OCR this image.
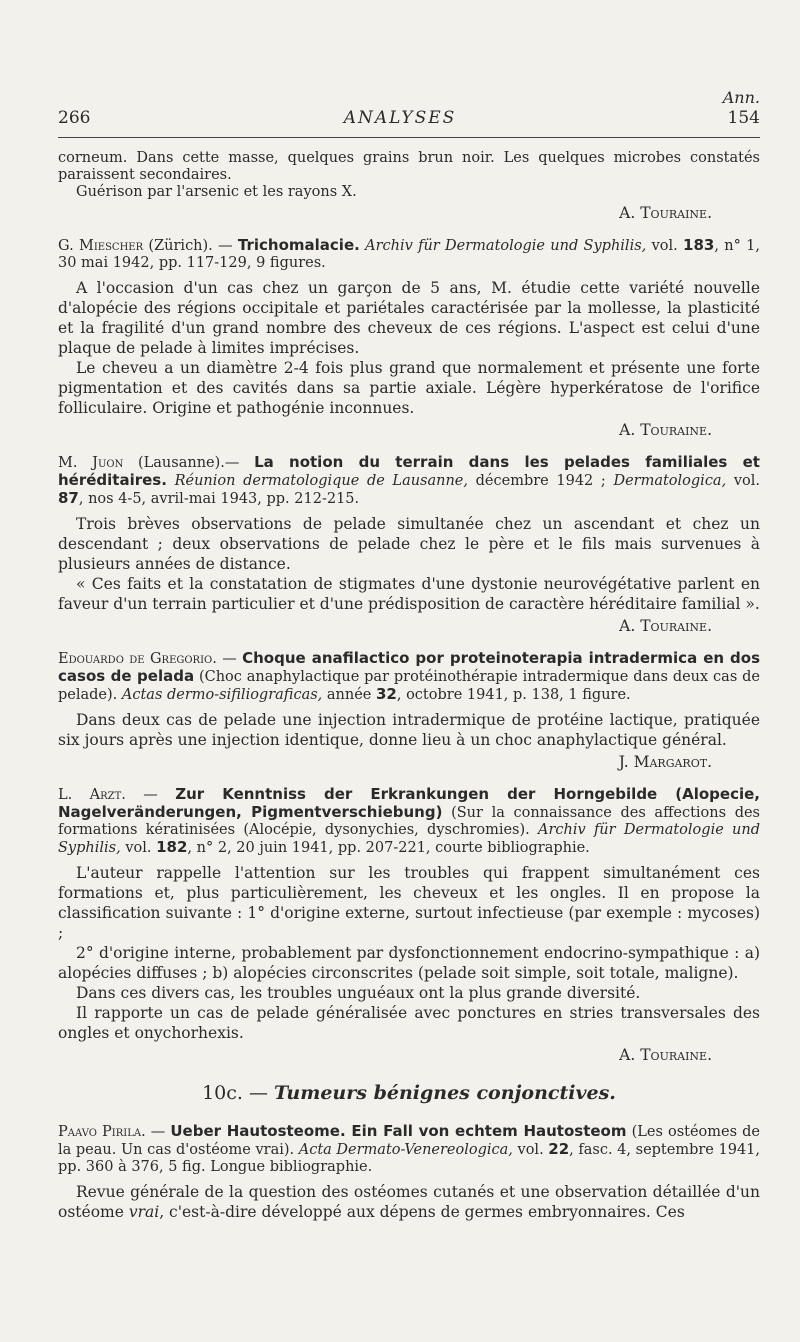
Ann.
266	ANALYSES	154

corneum. Dans cette masse, quelques grains brun noir. Les quelques microbes constatés paraissent secondaires.

Guérison par l'arsenic et les rayons X.

A. Touraine.

G. Miescher (Zürich). — Trichomalacie. Archiv für Dermatologie und Syphilis, vol. 183, n° 1, 30 mai 1942, pp. 117-129, 9 figures.

A l'occasion d'un cas chez un garçon de 5 ans, M. étudie cette variété nouvelle d'alopécie des régions occipitale et pariétales caractérisée par la mollesse, la plasticité et la fragilité d'un grand nombre des cheveux de ces régions. L'aspect est celui d'une plaque de pelade à limites imprécises.

Le cheveu a un diamètre 2-4 fois plus grand que normalement et présente une forte pigmentation et des cavités dans sa partie axiale. Légère hyperkératose de l'orifice folliculaire. Origine et pathogénie inconnues.

A. Touraine.

M. Juon (Lausanne).— La notion du terrain dans les pelades familiales et héréditaires. Réunion dermatologique de Lausanne, décembre 1942 ; Dermatologica, vol. 87, nos 4-5, avril-mai 1943, pp. 212-215.

Trois brèves observations de pelade simultanée chez un ascendant et chez un descendant ; deux observations de pelade chez le père et le fils mais survenues à plusieurs années de distance.

« Ces faits et la constatation de stigmates d'une dystonie neurovégétative parlent en faveur d'un terrain particulier et d'une prédisposition de caractère héréditaire familial ».

A. Touraine.

Edouardo de Gregorio. — Choque anafilactico por proteinoterapia intradermica en dos casos de pelada (Choc anaphylactique par protéinothérapie intradermique dans deux cas de pelade). Actas dermo-sifiliograficas, année 32, octobre 1941, p. 138, 1 figure.

Dans deux cas de pelade une injection intradermique de protéine lactique, pratiquée six jours après une injection identique, donne lieu à un choc anaphylactique général.

J. Margarot.

L. Arzt. — Zur Kenntniss der Erkrankungen der Horngebilde (Alopecie, Nagelveränderungen, Pigmentverschiebung) (Sur la connaissance des affections des formations kératinisées (Alocépie, dysonychies, dyschromies). Archiv für Dermatologie und Syphilis, vol. 182, n° 2, 20 juin 1941, pp. 207-221, courte bibliographie.

L'auteur rappelle l'attention sur les troubles qui frappent simultanément ces formations et, plus particulièrement, les cheveux et les ongles. Il en propose la classification suivante : 1° d'origine externe, surtout infectieuse (par exemple : mycoses) ;

2° d'origine interne, probablement par dysfonctionnement endocrino-sympathique : a) alopécies diffuses ; b) alopécies circonscrites (pelade soit simple, soit totale, maligne).

Dans ces divers cas, les troubles unguéaux ont la plus grande diversité.

Il rapporte un cas de pelade généralisée avec ponctures en stries transversales des ongles et onychorhexis.

A. Touraine.

10c. — Tumeurs bénignes conjonctives.

Paavo Pirila. — Ueber Hautosteome. Ein Fall von echtem Hautosteom (Les ostéomes de la peau. Un cas d'ostéome vrai). Acta Dermato-Venereologica, vol. 22, fasc. 4, septembre 1941, pp. 360 à 376, 5 fig. Longue bibliographie.

Revue générale de la question des ostéomes cutanés et une observation détaillée d'un ostéome vrai, c'est-à-dire développé aux dépens de germes embryonnaires. Ces
